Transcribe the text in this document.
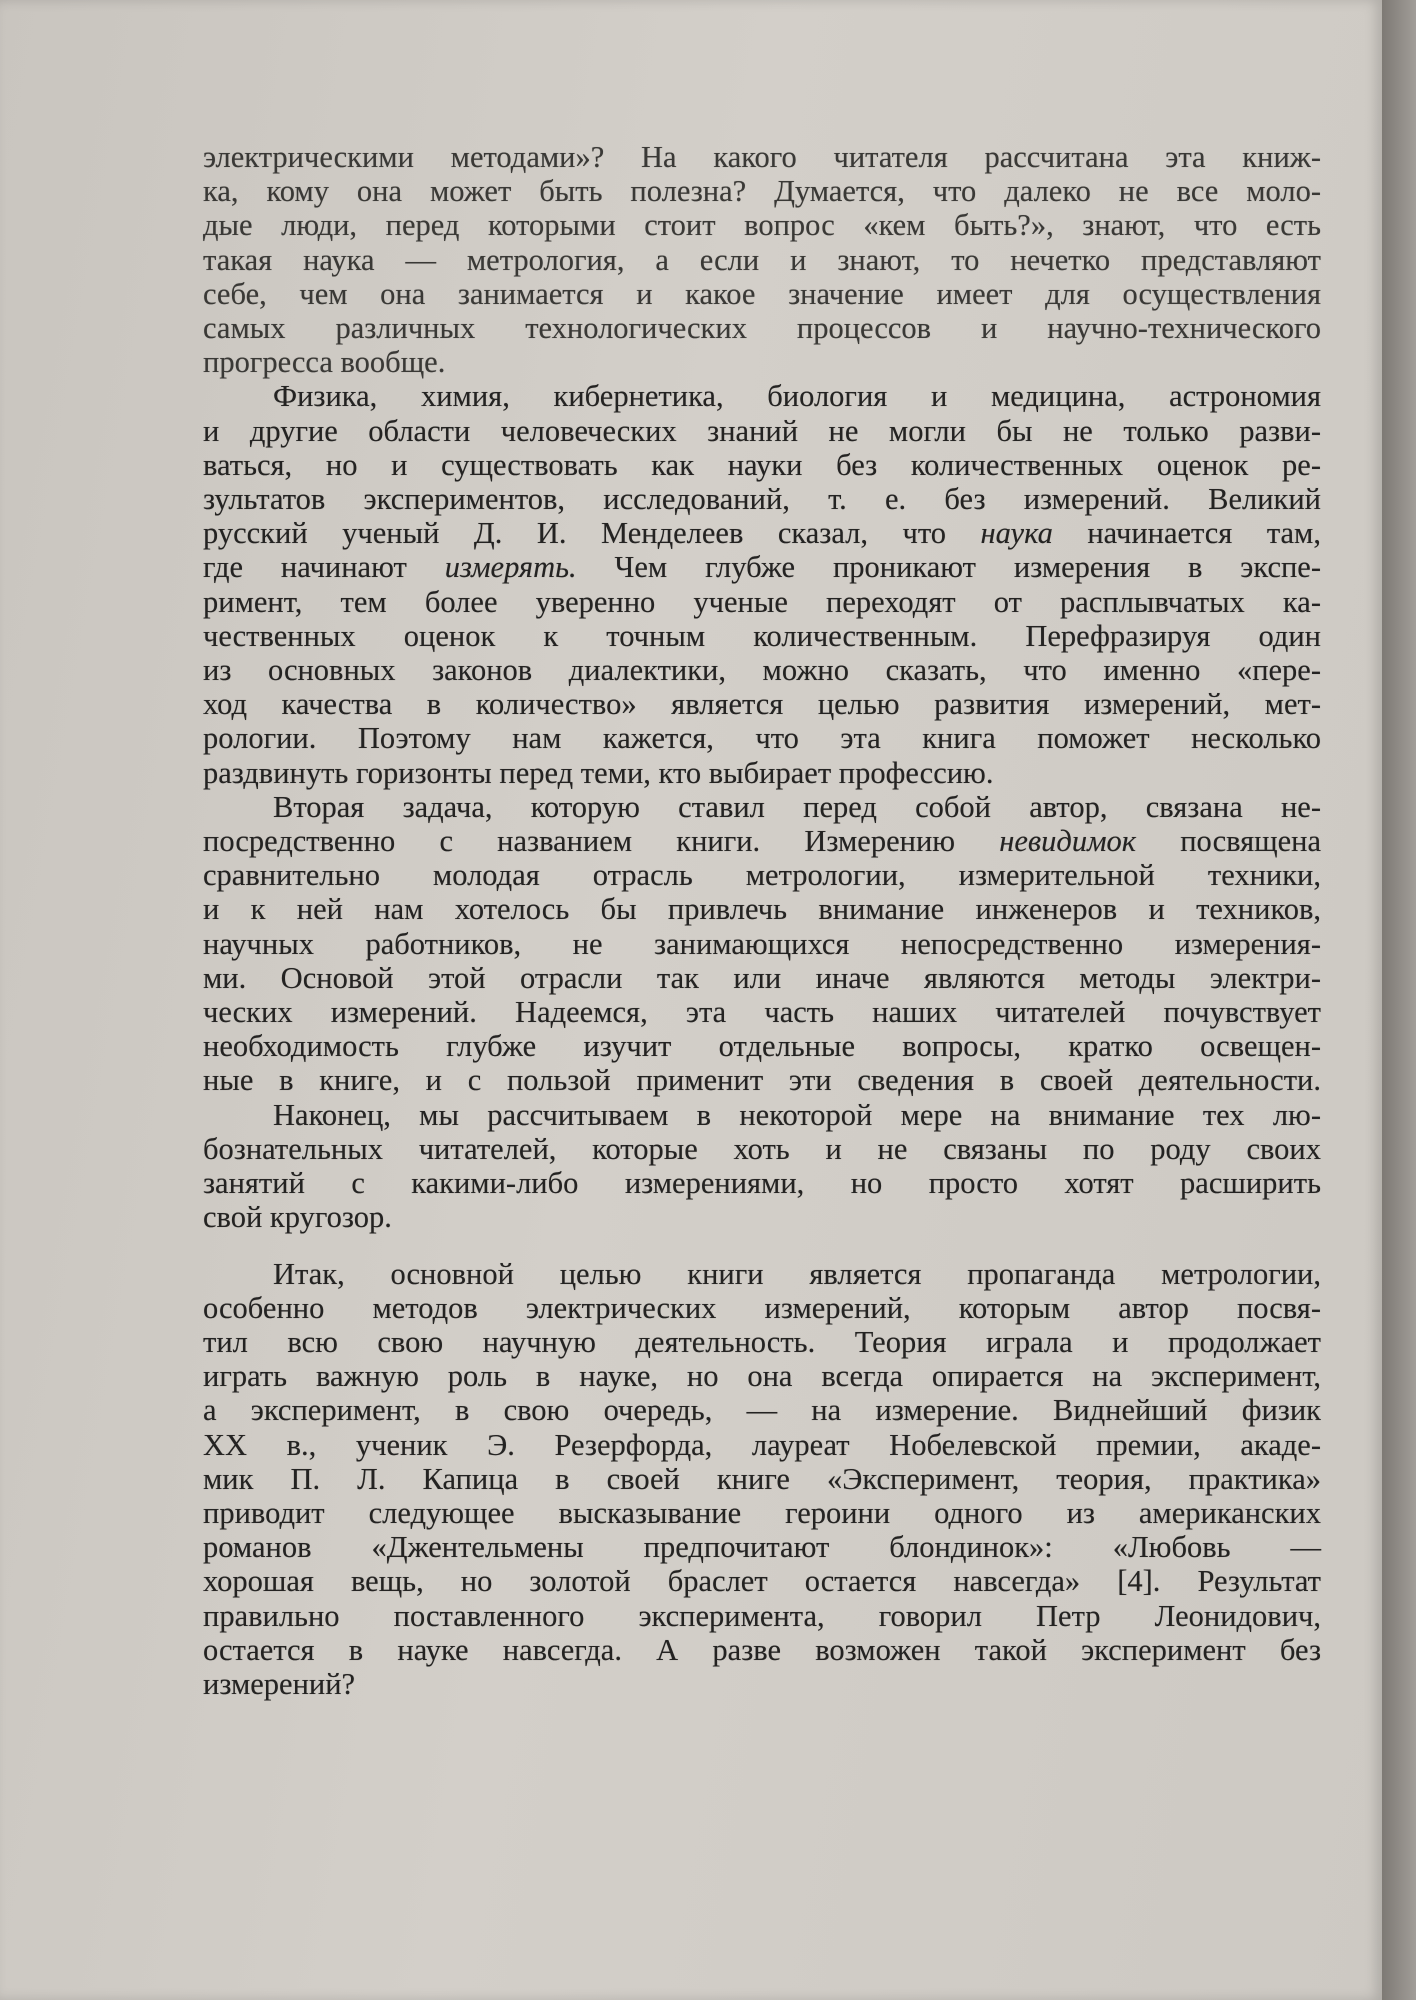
электрическими методами»? На какого читателя рассчитана эта книж-
ка, кому она может быть полезна? Думается, что далеко не все моло-
дые люди, перед которыми стоит вопрос «кем быть?», знают, что есть
такая наука — метрология, а если и знают, то нечетко представляют
себе, чем она занимается и какое значение имеет для осуществления
самых различных технологических процессов и научно-технического
прогресса вообще.
Физика, химия, кибернетика, биология и медицина, астрономия
и другие области человеческих знаний не могли бы не только разви-
ваться, но и существовать как науки без количественных оценок ре-
зультатов экспериментов, исследований, т. е. без измерений. Великий
русский ученый Д. И. Менделеев сказал, что наука начинается там,
где начинают измерять. Чем глубже проникают измерения в экспе-
римент, тем более уверенно ученые переходят от расплывчатых ка-
чественных оценок к точным количественным. Перефразируя один
из основных законов диалектики, можно сказать, что именно «пере-
ход качества в количество» является целью развития измерений, мет-
рологии. Поэтому нам кажется, что эта книга поможет несколько
раздвинуть горизонты перед теми, кто выбирает профессию.
Вторая задача, которую ставил перед собой автор, связана не-
посредственно с названием книги. Измерению невидимок посвящена
сравнительно молодая отрасль метрологии, измерительной техники,
и к ней нам хотелось бы привлечь внимание инженеров и техников,
научных работников, не занимающихся непосредственно измерения-
ми. Основой этой отрасли так или иначе являются методы электри-
ческих измерений. Надеемся, эта часть наших читателей почувствует
необходимость глубже изучит отдельные вопросы, кратко освещен-
ные в книге, и с пользой применит эти сведения в своей деятельности.
Наконец, мы рассчитываем в некоторой мере на внимание тех лю-
бознательных читателей, которые хоть и не связаны по роду своих
занятий с какими-либо измерениями, но просто хотят расширить
свой кругозор.
Итак, основной целью книги является пропаганда метрологии,
особенно методов электрических измерений, которым автор посвя-
тил всю свою научную деятельность. Теория играла и продолжает
играть важную роль в науке, но она всегда опирается на эксперимент,
а эксперимент, в свою очередь, — на измерение. Виднейший физик
XX в., ученик Э. Резерфорда, лауреат Нобелевской премии, акаде-
мик П. Л. Капица в своей книге «Эксперимент, теория, практика»
приводит следующее высказывание героини одного из американских
романов «Джентельмены предпочитают блондинок»: «Любовь —
хорошая вещь, но золотой браслет остается навсегда» [4]. Результат
правильно поставленного эксперимента, говорил Петр Леонидович,
остается в науке навсегда. А разве возможен такой эксперимент без
измерений?
